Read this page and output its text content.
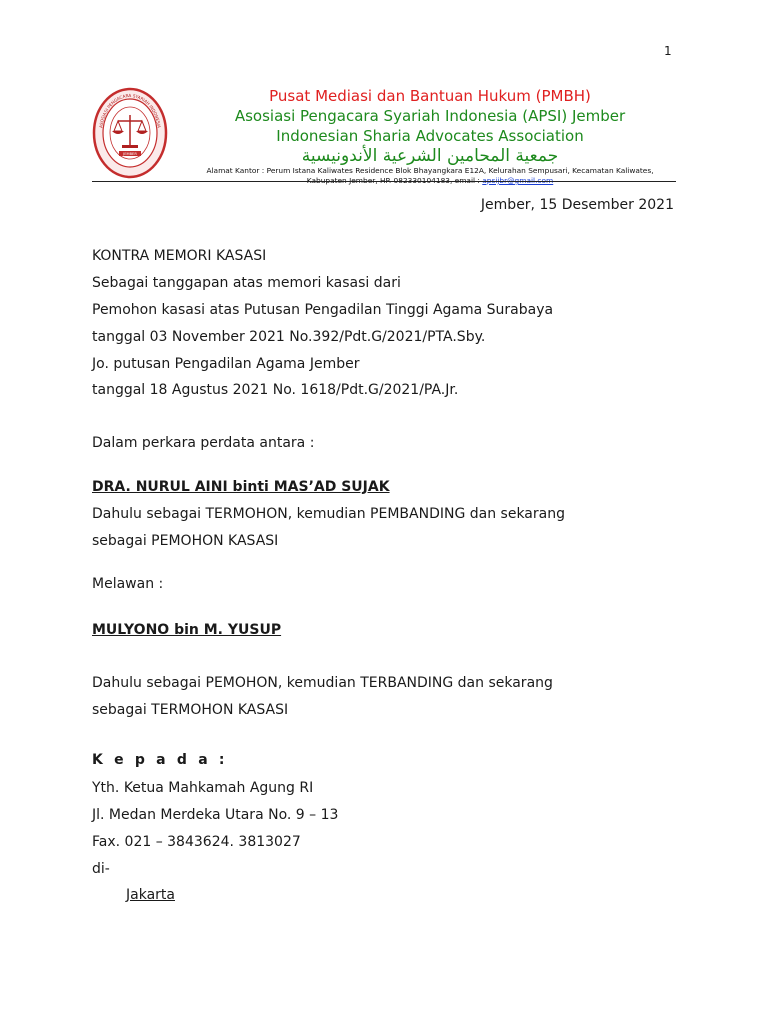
1
JEMBER
ASOSIASI PENGACARA SYARIAH INDONESIA
Pusat Mediasi dan Bantuan Hukum (PMBH)
Asosiasi Pengacara Syariah Indonesia (APSI) Jember
Indonesian Sharia Advocates Association
جمعية المحامين الشرعية الأندونيسية
Alamat Kantor : Perum Istana Kaliwates Residence Blok Bhayangkara E12A, Kelurahan Sempusari, Kecamatan Kaliwates,
Kabupaten Jember, HP. 082330104183, email : apsijbr@gmail.com
Jember, 15 Desember 2021
KONTRA MEMORI KASASI
Sebagai tanggapan atas memori kasasi dari
Pemohon kasasi atas Putusan Pengadilan Tinggi Agama Surabaya
tanggal 03 November 2021 No.392/Pdt.G/2021/PTA.Sby.
Jo. putusan Pengadilan Agama Jember
tanggal 18 Agustus 2021 No. 1618/Pdt.G/2021/PA.Jr.
Dalam perkara perdata antara :
DRA. NURUL AINI binti MAS’AD SUJAK
Dahulu sebagai TERMOHON, kemudian PEMBANDING dan sekarang
sebagai PEMOHON KASASI
Melawan :
MULYONO bin M. YUSUP
Dahulu sebagai PEMOHON, kemudian TERBANDING dan sekarang
sebagai TERMOHON KASASI
K e p a d a :
Yth. Ketua Mahkamah Agung RI
Jl. Medan Merdeka Utara No. 9 – 13
Fax. 021 – 3843624. 3813027
di-
Jakarta
